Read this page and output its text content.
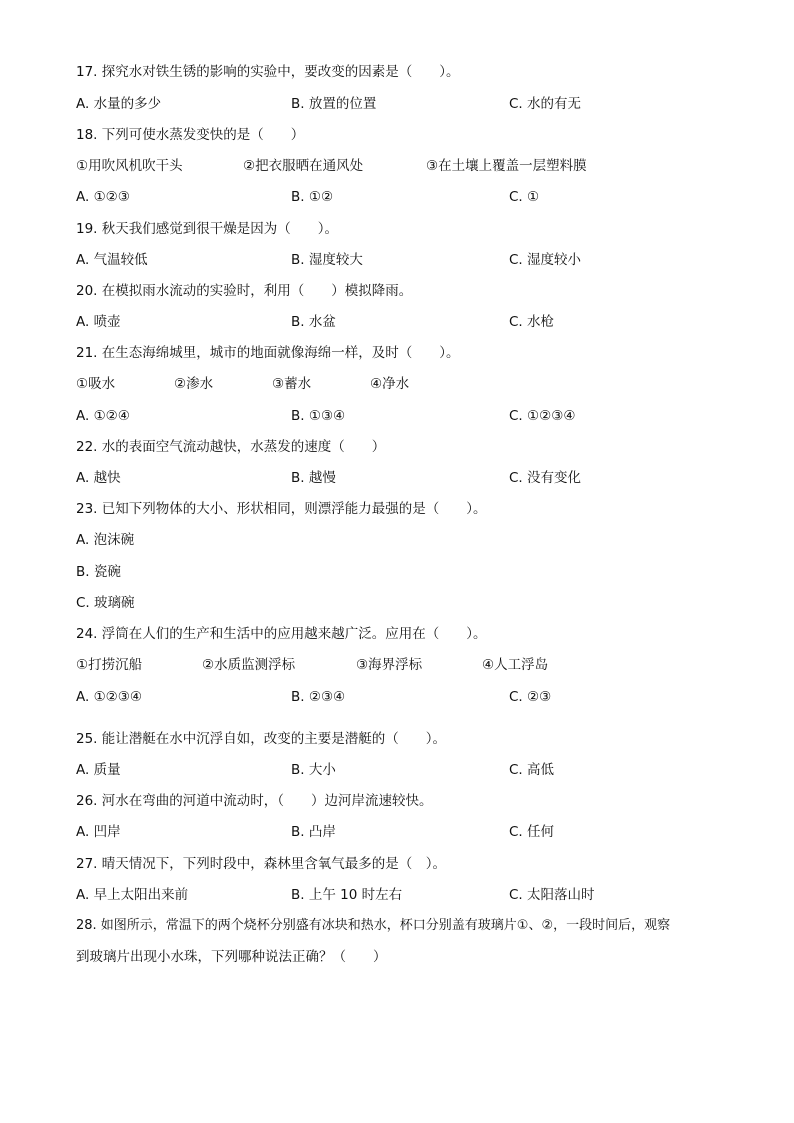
17. 探究水对铁生锈的影响的实验中，要改变的因素是（　　）。
A. 水量的多少	B. 放置的位置	C. 水的有无
18. 下列可使水蒸发变快的是（　　）
①用吹风机吹干头	②把衣服晒在通风处	③在土壤上覆盖一层塑料膜
A. ①②③	B. ①②	C. ①
19. 秋天我们感觉到很干燥是因为（　　）。
A. 气温较低	B. 湿度较大	C. 湿度较小
20. 在模拟雨水流动的实验时，利用（　　）模拟降雨。
A. 喷壶	B. 水盆	C. 水枪
21. 在生态海绵城里，城市的地面就像海绵一样，及时（　　）。
①吸水	②渗水	③蓄水	④净水
A. ①②④	B. ①③④	C. ①②③④
22. 水的表面空气流动越快，水蒸发的速度（　　）
A. 越快	B. 越慢	C. 没有变化
23. 已知下列物体的大小、形状相同，则漂浮能力最强的是（　　）。
A. 泡沫碗
B. 瓷碗
C. 玻璃碗
24. 浮筒在人们的生产和生活中的应用越来越广泛。应用在（　　）。
①打捞沉船	②水质监测浮标	③海界浮标	④人工浮岛
A. ①②③④	B. ②③④	C. ②③
25. 能让潜艇在水中沉浮自如，改变的主要是潜艇的（　　）。
A. 质量	B. 大小	C. 高低
26. 河水在弯曲的河道中流动时，（　　）边河岸流速较快。
A. 凹岸	B. 凸岸	C. 任何
27. 晴天情况下，下列时段中，森林里含氧气最多的是（　）。
A. 早上太阳出来前	B. 上午 10 时左右	C. 太阳落山时
28. 如图所示，常温下的两个烧杯分别盛有冰块和热水，杯口分别盖有玻璃片①、②，一段时间后，观察
到玻璃片出现小水珠，下列哪种说法正确？（　　）
